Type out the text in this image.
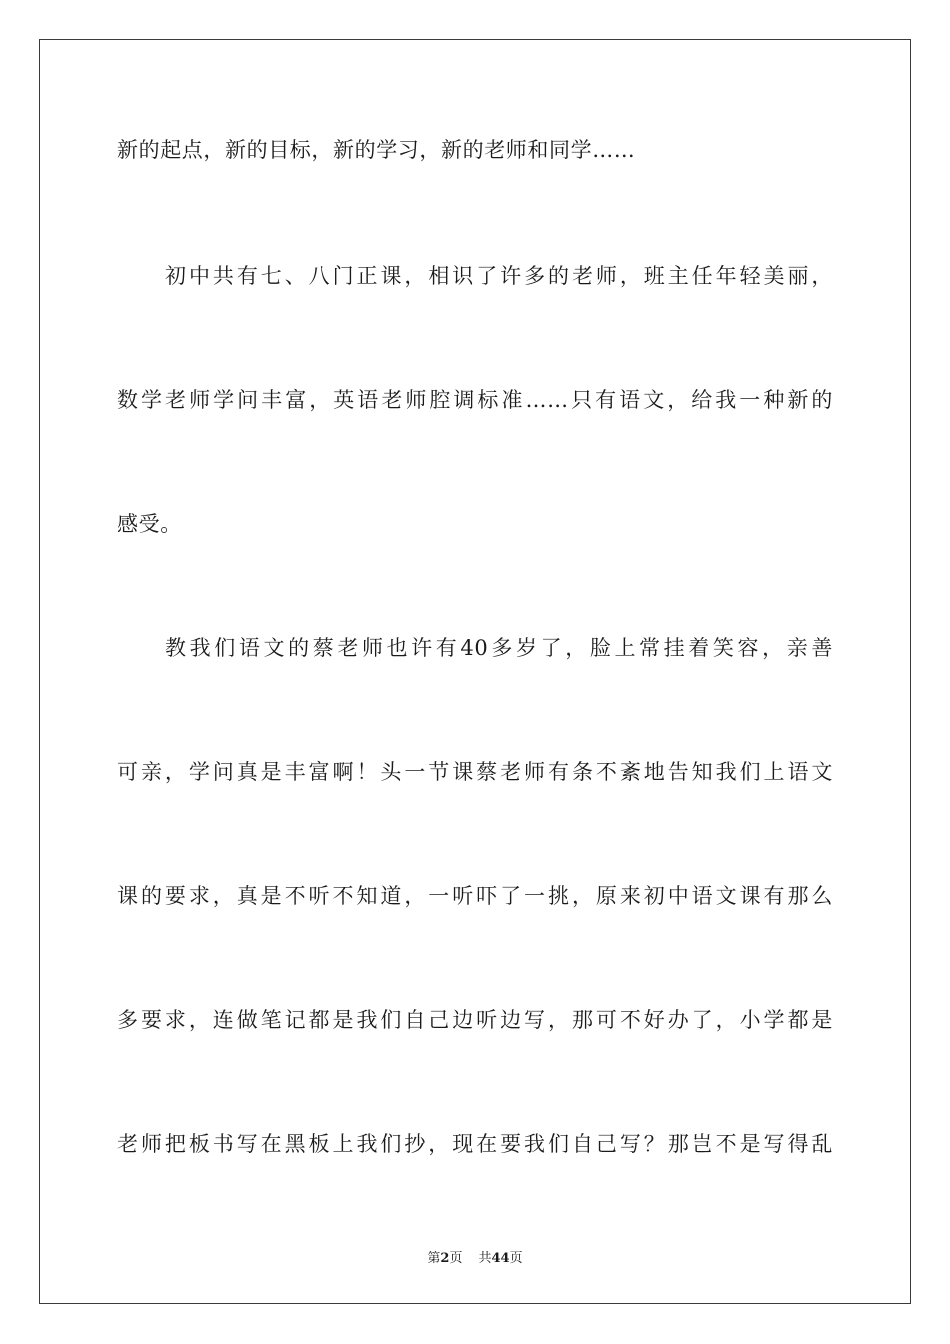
新的起点，新的目标，新的学习，新的老师和同学……
初中共有七、八门正课，相识了许多的老师，班主任年轻美丽，
数学老师学问丰富，英语老师腔调标准……只有语文，给我一种新的
感受。
教我们语文的蔡老师也许有40多岁了，脸上常挂着笑容，亲善
可亲，学问真是丰富啊！头一节课蔡老师有条不紊地告知我们上语文
课的要求，真是不听不知道，一听吓了一挑，原来初中语文课有那么
多要求，连做笔记都是我们自己边听边写，那可不好办了，小学都是
老师把板书写在黑板上我们抄，现在要我们自己写？那岂不是写得乱
第2页 共44页
